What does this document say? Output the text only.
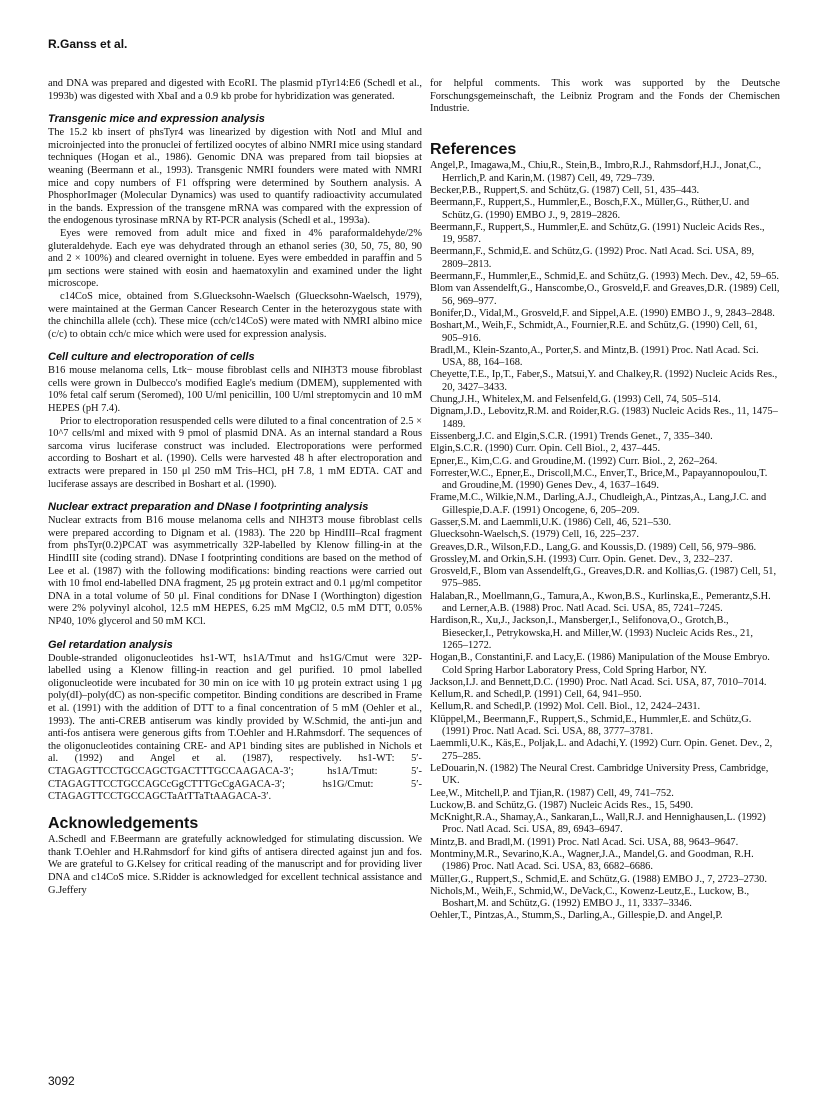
R.Ganss et al.

and DNA was prepared and digested with EcoRI. The plasmid pTyr14:E6 (Schedl et al., 1993b) was digested with XbaI and a 0.9 kb probe for hybridization was generated.

Transgenic mice and expression analysis

The 15.2 kb insert of phsTyr4 was linearized by digestion with NotI and MluI and microinjected into the pronuclei of fertilized oocytes of albino NMRI mice using standard techniques (Hogan et al., 1986). Genomic DNA was prepared from tail biopsies at weaning (Beermann et al., 1993). Transgenic NMRI founders were mated with NMRI mice and copy numbers of F1 offspring were determined by Southern analysis. A PhosphorImager (Molecular Dynamics) was used to quantify radioactivity accumulated in the bands. Expression of the transgene mRNA was compared with the expression of the endogenous tyrosinase mRNA by RT-PCR analysis (Schedl et al., 1993a).

Eyes were removed from adult mice and fixed in 4% paraformaldehyde/2% gluteraldehyde. Each eye was dehydrated through an ethanol series (30, 50, 75, 80, 90 and 2 × 100%) and cleared overnight in toluene. Eyes were embedded in paraffin and 5 μm sections were stained with eosin and haematoxylin and examined under the light microscope.

c14CoS mice, obtained from S.Gluecksohn-Waelsch (Gluecksohn-Waelsch, 1979), were maintained at the German Cancer Research Center in the heterozygous state with the chinchilla allele (cch). These mice (cch/c14CoS) were mated with NMRI albino mice (c/c) to obtain cch/c mice which were used for expression analysis.

Cell culture and electroporation of cells

B16 mouse melanoma cells, Ltk− mouse fibroblast cells and NIH3T3 mouse fibroblast cells were grown in Dulbecco's modified Eagle's medium (DMEM), supplemented with 10% fetal calf serum (Seromed), 100 U/ml penicillin, 100 U/ml streptomycin and 10 mM HEPES (pH 7.4).

Prior to electroporation resuspended cells were diluted to a final concentration of 2.5 × 10^7 cells/ml and mixed with 9 pmol of plasmid DNA. As an internal standard a Rous sarcoma virus luciferase construct was included. Electroporations were performed according to Boshart et al. (1990). Cells were harvested 48 h after electroporation and extracts were prepared in 150 μl 250 mM Tris–HCl, pH 7.8, 1 mM EDTA. CAT and luciferase assays are described in Boshart et al. (1990).

Nuclear extract preparation and DNase I footprinting analysis

Nuclear extracts from B16 mouse melanoma cells and NIH3T3 mouse fibroblast cells were prepared according to Dignam et al. (1983). The 220 bp HindIII–RcaI fragment from phsTyr(0.2)PCAT was asymmetrically 32P-labelled by Klenow filling-in at the HindIII site (coding strand). DNase I footprinting conditions are based on the method of Lee et al. (1987) with the following modifications: binding reactions were carried out with 10 fmol end-labelled DNA fragment, 25 μg protein extract and 0.1 μg/ml competitor DNA in a total volume of 50 μl. Final conditions for DNase I (Worthington) digestion were 2% polyvinyl alcohol, 12.5 mM HEPES, 6.25 mM MgCl2, 0.5 mM DTT, 0.05% NP40, 10% glycerol and 50 mM KCl.

Gel retardation analysis

Double-stranded oligonucleotides hs1-WT, hs1A/Tmut and hs1G/Cmut were 32P-labelled using a Klenow filling-in reaction and gel purified. 10 pmol labelled oligonucleotide were incubated for 30 min on ice with 10 μg protein extract using 1 μg poly(dI)–poly(dC) as non-specific competitor. Binding conditions are described in Frame et al. (1991) with the addition of DTT to a final concentration of 5 mM (Oehler et al., 1993). The anti-CREB antiserum was kindly provided by W.Schmid, the anti-jun and anti-fos antisera were generous gifts from T.Oehler and H.Rahmsdorf. The sequences of the oligonucleotides containing CRE- and AP1 binding sites are published in Nichols et al. (1992) and Angel et al. (1987), respectively. hs1-WT: 5′-CTAGAGTTCCTGCCAGCTGACTTTGCCAAGACA-3′; hs1A/Tmut: 5′-CTAGAGTTCCTGCCAGCcGgCTTTGcCgAGACA-3′; hs1G/Cmut: 5′-CTAGAGTTCCTGCCAGCTaAtTTaTtAAGACA-3′.

Acknowledgements

A.Schedl and F.Beermann are gratefully acknowledged for stimulating discussion. We thank T.Oehler and H.Rahmsdorf for kind gifts of antisera directed against jun and fos. We are grateful to G.Kelsey for critical reading of the manuscript and for providing liver DNA and c14CoS mice. S.Ridder is acknowledged for excellent technical assistance and G.Jeffery

for helpful comments. This work was supported by the Deutsche Forschungsgemeinschaft, the Leibniz Program and the Fonds der Chemischen Industrie.

References

Angel,P., Imagawa,M., Chiu,R., Stein,B., Imbro,R.J., Rahmsdorf,H.J., Jonat,C., Herrlich,P. and Karin,M. (1987) Cell, 49, 729–739.

Becker,P.B., Ruppert,S. and Schütz,G. (1987) Cell, 51, 435–443.

Beermann,F., Ruppert,S., Hummler,E., Bosch,F.X., Müller,G., Rüther,U. and Schütz,G. (1990) EMBO J., 9, 2819–2826.

Beermann,F., Ruppert,S., Hummler,E. and Schütz,G. (1991) Nucleic Acids Res., 19, 9587.

Beermann,F., Schmid,E. and Schütz,G. (1992) Proc. Natl Acad. Sci. USA, 89, 2809–2813.

Beermann,F., Hummler,E., Schmid,E. and Schütz,G. (1993) Mech. Dev., 42, 59–65.

Blom van Assendelft,G., Hanscombe,O., Grosveld,F. and Greaves,D.R. (1989) Cell, 56, 969–977.

Bonifer,D., Vidal,M., Grosveld,F. and Sippel,A.E. (1990) EMBO J., 9, 2843–2848.

Boshart,M., Weih,F., Schmidt,A., Fournier,R.E. and Schütz,G. (1990) Cell, 61, 905–916.

Bradl,M., Klein-Szanto,A., Porter,S. and Mintz,B. (1991) Proc. Natl Acad. Sci. USA, 88, 164–168.

Cheyette,T.E., Ip,T., Faber,S., Matsui,Y. and Chalkey,R. (1992) Nucleic Acids Res., 20, 3427–3433.

Chung,J.H., Whitelex,M. and Felsenfeld,G. (1993) Cell, 74, 505–514.

Dignam,J.D., Lebovitz,R.M. and Roider,R.G. (1983) Nucleic Acids Res., 11, 1475–1489.

Eissenberg,J.C. and Elgin,S.C.R. (1991) Trends Genet., 7, 335–340.

Elgin,S.C.R. (1990) Curr. Opin. Cell Biol., 2, 437–445.

Epner,E., Kim,C.G. and Groudine,M. (1992) Curr. Biol., 2, 262–264.

Forrester,W.C., Epner,E., Driscoll,M.C., Enver,T., Brice,M., Papayannopoulou,T. and Groudine,M. (1990) Genes Dev., 4, 1637–1649.

Frame,M.C., Wilkie,N.M., Darling,A.J., Chudleigh,A., Pintzas,A., Lang,J.C. and Gillespie,D.A.F. (1991) Oncogene, 6, 205–209.

Gasser,S.M. and Laemmli,U.K. (1986) Cell, 46, 521–530.

Gluecksohn-Waelsch,S. (1979) Cell, 16, 225–237.

Greaves,D.R., Wilson,F.D., Lang,G. and Koussis,D. (1989) Cell, 56, 979–986.

Grossley,M. and Orkin,S.H. (1993) Curr. Opin. Genet. Dev., 3, 232–237.

Grosveld,F., Blom van Assendelft,G., Greaves,D.R. and Kollias,G. (1987) Cell, 51, 975–985.

Halaban,R., Moellmann,G., Tamura,A., Kwon,B.S., Kurlinska,E., Pemerantz,S.H. and Lerner,A.B. (1988) Proc. Natl Acad. Sci. USA, 85, 7241–7245.

Hardison,R., Xu,J., Jackson,I., Mansberger,I., Selifonova,O., Grotch,B., Biesecker,I., Petrykowska,H. and Miller,W. (1993) Nucleic Acids Res., 21, 1265–1272.

Hogan,B., Constantini,F. and Lacy,E. (1986) Manipulation of the Mouse Embryo. Cold Spring Harbor Laboratory Press, Cold Spring Harbor, NY.

Jackson,I.J. and Bennett,D.C. (1990) Proc. Natl Acad. Sci. USA, 87, 7010–7014.

Kellum,R. and Schedl,P. (1991) Cell, 64, 941–950.

Kellum,R. and Schedl,P. (1992) Mol. Cell. Biol., 12, 2424–2431.

Klüppel,M., Beermann,F., Ruppert,S., Schmid,E., Hummler,E. and Schütz,G. (1991) Proc. Natl Acad. Sci. USA, 88, 3777–3781.

Laemmli,U.K., Käs,E., Poljak,L. and Adachi,Y. (1992) Curr. Opin. Genet. Dev., 2, 275–285.

LeDouarin,N. (1982) The Neural Crest. Cambridge University Press, Cambridge, UK.

Lee,W., Mitchell,P. and Tjian,R. (1987) Cell, 49, 741–752.

Luckow,B. and Schütz,G. (1987) Nucleic Acids Res., 15, 5490.

McKnight,R.A., Shamay,A., Sankaran,L., Wall,R.J. and Hennighausen,L. (1992) Proc. Natl Acad. Sci. USA, 89, 6943–6947.

Mintz,B. and Bradl,M. (1991) Proc. Natl Acad. Sci. USA, 88, 9643–9647.

Montminy,M.R., Sevarino,K.A., Wagner,J.A., Mandel,G. and Goodman, R.H. (1986) Proc. Natl Acad. Sci. USA, 83, 6682–6686.

Müller,G., Ruppert,S., Schmid,E. and Schütz,G. (1988) EMBO J., 7, 2723–2730.

Nichols,M., Weih,F., Schmid,W., DeVack,C., Kowenz-Leutz,E., Luckow, B., Boshart,M. and Schütz,G. (1992) EMBO J., 11, 3337–3346.

Oehler,T., Pintzas,A., Stumm,S., Darling,A., Gillespie,D. and Angel,P.

3092
